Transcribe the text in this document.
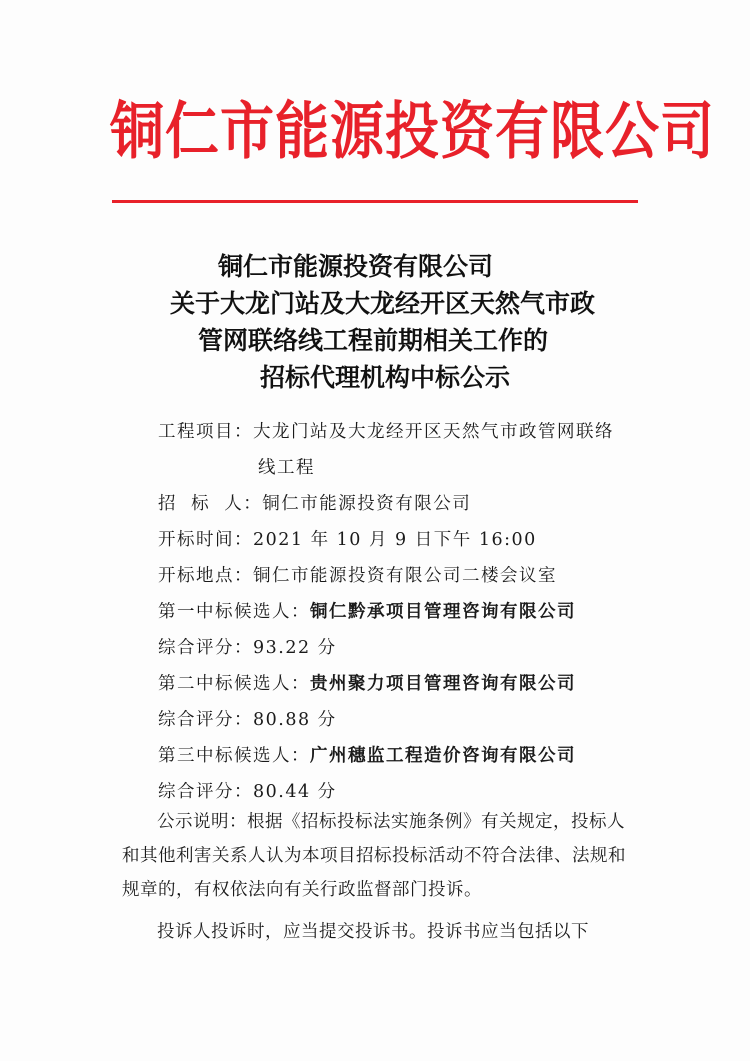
铜仁市能源投资有限公司
铜仁市能源投资有限公司
关于大龙门站及大龙经开区天然气市政
管网联络线工程前期相关工作的
招标代理机构中标公示
工程项目： 大龙门站及大龙经开区天然气市政管网联络
线工程
招  标  人： 铜仁市能源投资有限公司
开标时间： 2021 年 10 月 9 日下午 16:00
开标地点： 铜仁市能源投资有限公司二楼会议室
第一中标候选人： 铜仁黔承项目管理咨询有限公司
综合评分： 93.22 分
第二中标候选人： 贵州聚力项目管理咨询有限公司
综合评分： 80.88 分
第三中标候选人： 广州穗监工程造价咨询有限公司
综合评分： 80.44 分

公示说明：根据《招标投标法实施条例》有关规定，投标人和其他利害关系人认为本项目招标投标活动不符合法律、法规和规章的，有权依法向有关行政监督部门投诉。

投诉人投诉时，应当提交投诉书。投诉书应当包括以下
